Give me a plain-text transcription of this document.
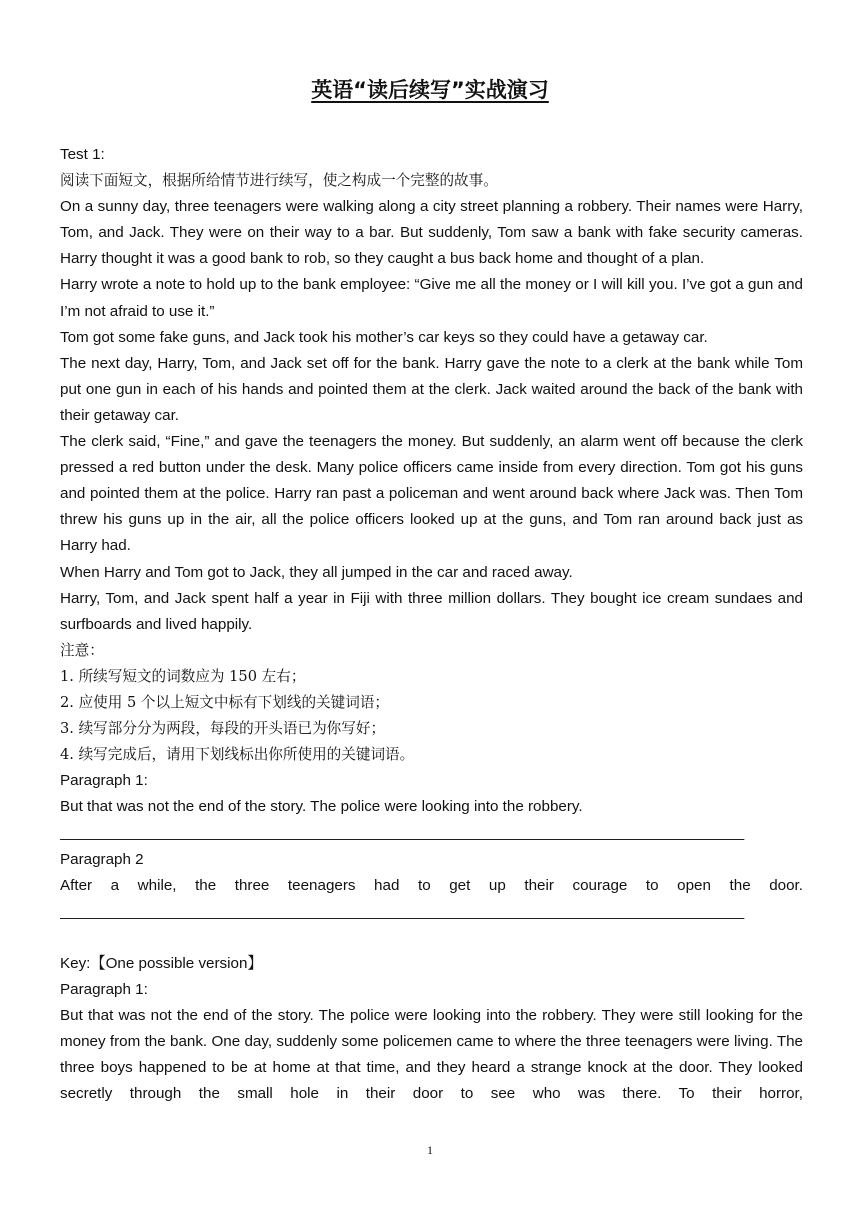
英语“读后续写”实战演习

Test 1:

阅读下面短文，根据所给情节进行续写，使之构成一个完整的故事。

On a sunny day, three teenagers were walking along a city street planning a robbery. Their names were Harry, Tom, and Jack. They were on their way to a bar. But suddenly, Tom saw a bank with fake security cameras. Harry thought it was a good bank to rob, so they caught a bus back home and thought of a plan.

Harry wrote a note to hold up to the bank employee: “Give me all the money or I will kill you. I’ve got a gun and I’m not afraid to use it.”

Tom got some fake guns, and Jack took his mother’s car keys so they could have a getaway car.

The next day, Harry, Tom, and Jack set off for the bank. Harry gave the note to a clerk at the bank while Tom put one gun in each of his hands and pointed them at the clerk. Jack waited around the back of the bank with their getaway car.

The clerk said, “Fine,” and gave the teenagers the money. But suddenly, an alarm went off because the clerk pressed a red button under the desk. Many police officers came inside from every direction. Tom got his guns and pointed them at the police. Harry ran past a policeman and went around back where Jack was. Then Tom threw his guns up in the air, all the police officers looked up at the guns, and Tom ran around back just as Harry had.

When Harry and Tom got to Jack, they all jumped in the car and raced away.

Harry, Tom, and Jack spent half a year in Fiji with three million dollars. They bought ice cream sundaes and surfboards and lived happily.

注意：

1. 所续写短文的词数应为 150 左右；

2. 应使用 5 个以上短文中标有下划线的关键词语；

3. 续写部分分为两段，每段的开头语已为你写好；

4. 续写完成后，请用下划线标出你所使用的关键词语。

Paragraph 1:

But that was not the end of the story. The police were looking into the robbery.

_________________________________________________________________________________

Paragraph 2

After a while, the three teenagers had to get up their courage to open the door.

_________________________________________________________________________________

Key:【One possible version】

Paragraph 1:

But that was not the end of the story. The police were looking into the robbery. They were still looking for the money from the bank. One day, suddenly some policemen came to where the three teenagers were living. The three boys happened to be at home at that time, and they heard a strange knock at the door. They looked secretly through the small hole in their door to see who was there. To their horror,

1
